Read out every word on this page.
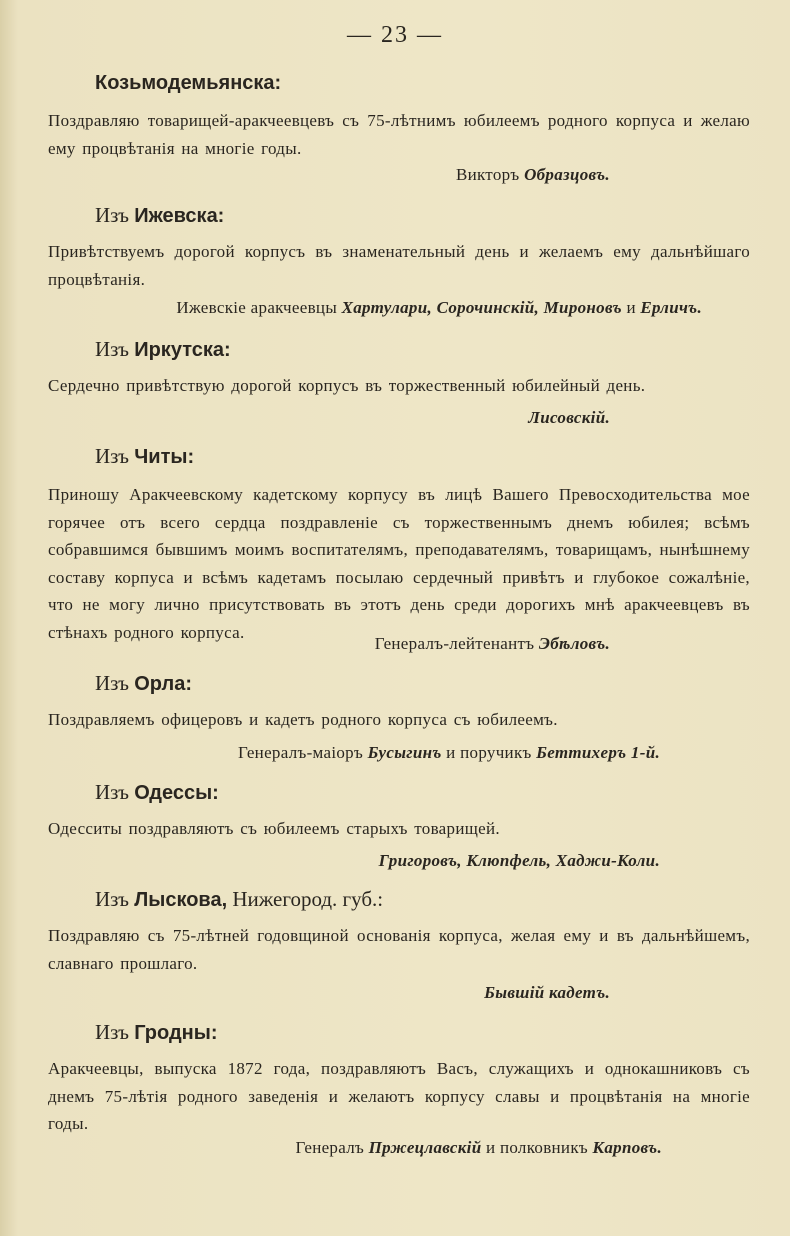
— 23 —
Козьмодемьянска:
Поздравляю товарищей-аракчеевцевъ съ 75-лѣтнимъ юбилеемъ родного корпуса и желаю ему процвѣтанія на многіе годы.
Викторъ Образцовъ.
Изъ Ижевска:
Привѣтствуемъ дорогой корпусъ въ знаменательный день и желаемъ ему дальнѣйшаго процвѣтанія.
Ижевскіе аракчеевцы Хартулари, Сорочинскій, Мироновъ и Ерличъ.
Изъ Иркутска:
Сердечно привѣтствую дорогой корпусъ въ торжественный юбилейный день.
Лисовскій.
Изъ Читы:
Приношу Аракчеевскому кадетскому корпусу въ лицѣ Вашего Превосходительства мое горячее отъ всего сердца поздравленіе съ торжественнымъ днемъ юбилея; всѣмъ собравшимся бывшимъ моимъ воспитателямъ, преподавателямъ, товарищамъ, нынѣшнему составу корпуса и всѣмъ кадетамъ посылаю сердечный привѣтъ и глубокое сожалѣніе, что не могу лично присутствовать въ этотъ день среди дорогихъ мнѣ аракчеевцевъ въ стѣнахъ родного корпуса.
Генералъ-лейтенантъ Эбѣловъ.
Изъ Орла:
Поздравляемъ офицеровъ и кадетъ родного корпуса съ юбилеемъ.
Генералъ-маіоръ Бусыгинъ и поручикъ Беттихеръ 1-й.
Изъ Одессы:
Одесситы поздравляютъ съ юбилеемъ старыхъ товарищей.
Григоровъ, Клюпфель, Хаджи-Коли.
Изъ Лыскова, Нижегород. губ.:
Поздравляю съ 75-лѣтней годовщиной основанія корпуса, желая ему и въ дальнѣйшемъ, славнаго прошлаго.
Бывшій кадетъ.
Изъ Гродны:
Аракчеевцы, выпуска 1872 года, поздравляютъ Васъ, служащихъ и однокашниковъ съ днемъ 75-лѣтія родного заведенія и желаютъ корпусу славы и процвѣтанія на многіе годы.
Генералъ Пржецлавскій и полковникъ Карповъ.
